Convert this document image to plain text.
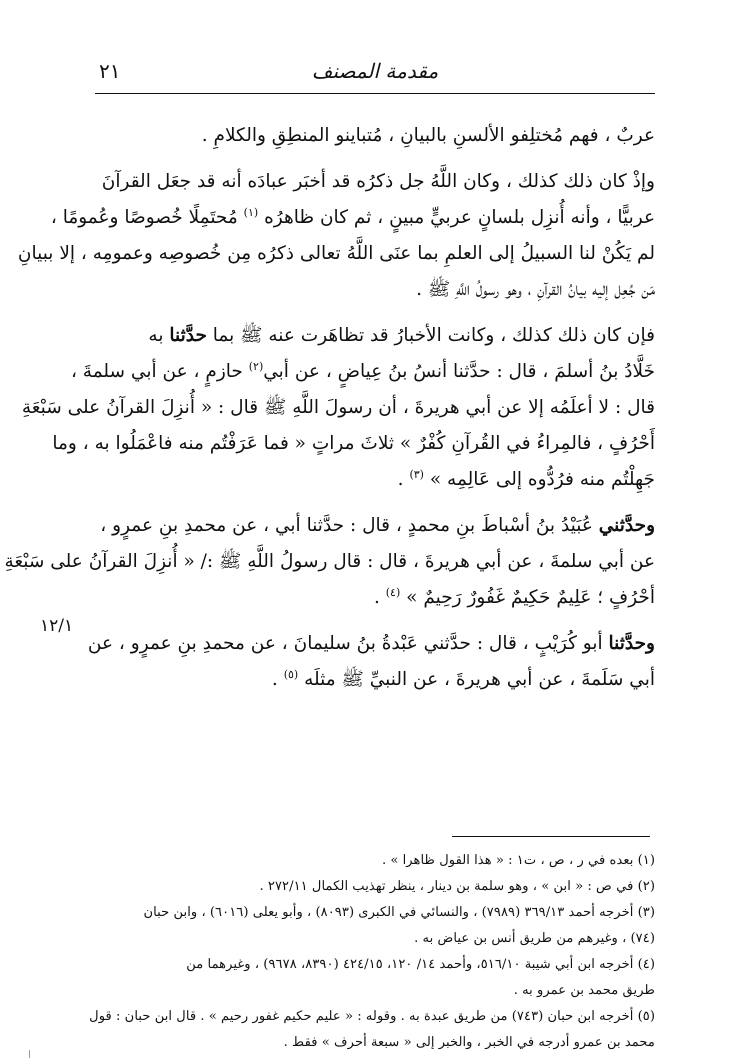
٢١	مقدمة المصنف
١٢/١
عربٌ ، فهم مُختلِفو الألسنِ بالبيانِ ، مُتباينو المنطِقِ والكلامِ .
وإذْ كان ذلك كذلك ، وكان اللَّهُ جل ذكرُه قد أخبَر عبادَه أنه قد جعَل القرآنَ
عربيًّا ، وأنه أُنزِل بلسانٍ عربيٍّ مبينٍ ، ثم كان ظاهرُه $^{(١)}$ مُحتَمِلًا خُصوصًا وعُمومًا ،
لم يَكُنْ لنا السبيلُ إلى العلمِ بما عنَى اللَّهُ تعالى ذكرُه مِن خُصوصِه وعمومِه ، إلا ببيانِ
مَن جُعِل إليه بيانُ القرآنِ ، وهو رسولُ اللَّهِ ﷺ .
فإن كان ذلك كذلك ، وكانت الأخبارُ قد تظاهَرت عنه ﷺ بما حدَّثنا به
خَلَّادُ بنُ أسلمَ ، قال : حدَّثنا أنسُ بنُ عِياضٍ ، عن أبي$^{(٢)}$ حازمٍ ، عن أبي سلمةَ ،
قال : لا أعلَمُه إلا عن أبي هريرةَ ، أن رسولَ اللَّهِ ﷺ قال : « أُنزِلَ القرآنُ على سَبْعَةِ
أَحْرُفٍ ، فالمِراءُ في القُرآنِ كُفْرٌ » ثلاثَ مراتٍ « فما عَرَفْتُم منه فاعْمَلُوا به ، وما
جَهِلْتُم منه فرُدُّوه إلى عَالِمِه » $^{(٣)}$ .
وحدَّثني عُبَيْدُ بنُ أسْباطَ بنِ محمدٍ ، قال : حدَّثنا أبي ، عن محمدِ بنِ عمرٍو ،
عن أبي سلمةَ ، عن أبي هريرةَ ، قال : قال رسولُ اللَّهِ ﷺ :/ « أُنزِلَ القرآنُ على سَبْعَةِ
أحْرُفٍ ؛ عَلِيمٌ حَكِيمٌ غَفُورٌ رَحِيمٌ » $^{(٤)}$ .
وحدَّثنا أبو كُرَيْبٍ ، قال : حدَّثني عَبْدةُ بنُ سليمانَ ، عن محمدِ بنِ عمرٍو ، عن
أبي سَلَمةَ ، عن أبي هريرةَ ، عن النبيِّ ﷺ مثلَه $^{(٥)}$ .
(١) بعده في ر ، ص ، ت١ : « هذا القول ظاهرا » .
(٢) في ص : « ابن » ، وهو سلمة بن دينار ، ينظر تهذيب الكمال ٢٧٢/١١ .
(٣) أخرجه أحمد ٣٦٩/١٣ (٧٩٨٩) ، والنسائي في الكبرى (٨٠٩٣) ، وأبو يعلى (٦٠١٦) ، وابن حبان
(٧٤) ، وغيرهم من طريق أنس بن عياض به .
(٤) أخرجه ابن أبي شيبة ٥١٦/١٠، وأحمد ١٤/ ١٢٠، ٤٢٤/١٥ (٨٣٩٠، ٩٦٧٨) ، وغيرهما من
طريق محمد بن عمرو به .
(٥) أخرجه ابن حبان (٧٤٣) من طريق عبدة به . وقوله : « عليم حكيم غفور رحيم » . قال ابن حبان : قول
محمد بن عمرو أدرجه في الخبر ، والخبر إلى « سبعة أحرف » فقط .
